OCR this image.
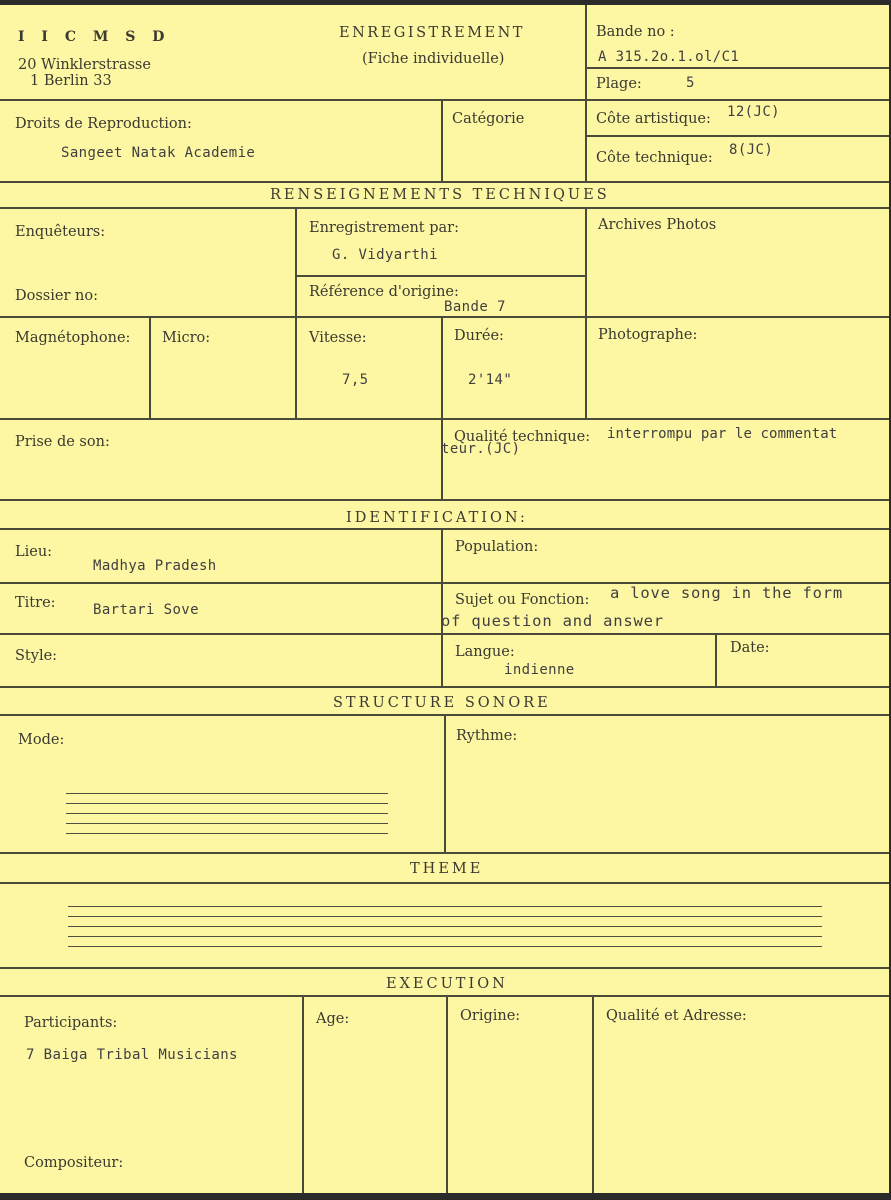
I I C M S D
20 Winklerstrasse
1 Berlin 33
ENREGISTREMENT
(Fiche individuelle)
Bande no :
A 315.2o.1.ol/C1
Plage:	5
Droits de Reproduction:
Sangeet Natak Academie
Catégorie	Côte artistique: 12(JC)
Côte technique: 8(JC)
RENSEIGNEMENTS TECHNIQUES
Enquêteurs:	Enregistrement par:
G. Vidyarthi
Archives Photos
Dossier no:	Référence d'origine:
Bande 7
Magnétophone: Micro:	Vitesse:
7,5
Durée:
2'14"
Photographe:
Prise de son:	Qualité technique: interrompu par le commentat
teur.(JC)
IDENTIFICATION:
Lieu:
Madhya Pradesh
Population:
Titre:	Bartari Sove
Sujet ou Fonction: a love song in the form
of question and answer
Style:	Langue:
indienne
Date:
STRUCTURE SONORE
Mode:	Rythme:
THEME
EXECUTION
Participants:
7 Baiga Tribal Musicians
Age:	Origine:	Qualité et Adresse:
Compositeur:
